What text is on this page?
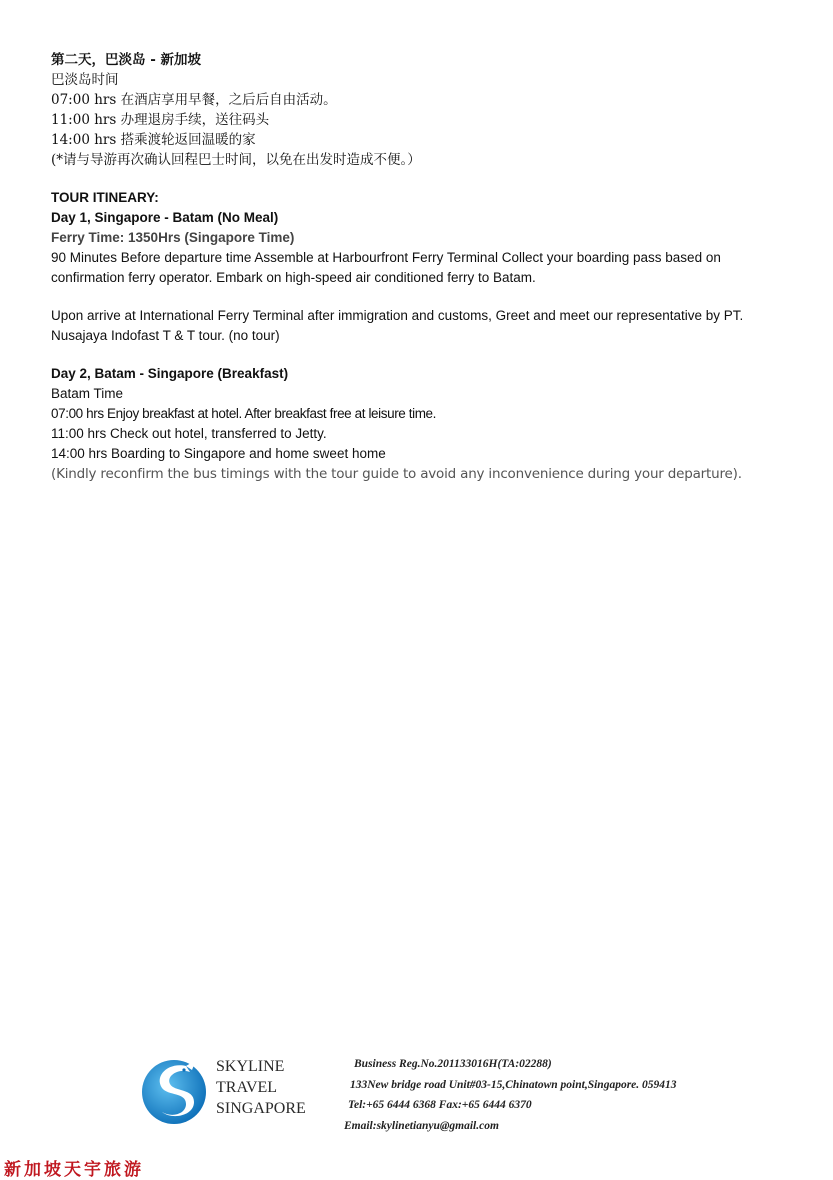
第二天，巴淡岛 - 新加坡
巴淡岛时间
07:00 hrs 在酒店享用早餐，之后后自由活动。
11:00 hrs 办理退房手续，送往码头
14:00 hrs 搭乘渡轮返回温暖的家
(*请与导游再次确认回程巴士时间，以免在出发时造成不便。）
TOUR ITINEARY:
Day 1, Singapore - Batam (No Meal)
Ferry Time: 1350Hrs (Singapore Time)
90 Minutes Before departure time Assemble at Harbourfront Ferry Terminal Collect your boarding pass based on confirmation ferry operator. Embark on high-speed air conditioned ferry to Batam.
Upon arrive at International Ferry Terminal after immigration and customs, Greet and meet our representative by PT. Nusajaya Indofast T & T tour. (no tour)
Day 2, Batam - Singapore (Breakfast)
Batam Time
07:00 hrs Enjoy breakfast at hotel. After breakfast free at leisure time.
11:00 hrs Check out hotel, transferred to Jetty.
14:00 hrs Boarding to Singapore and home sweet home
(Kindly reconfirm the bus timings with the tour guide to avoid any inconvenience during your departure).
SKYLINE
TRAVEL
SINGAPORE
Business Reg.No.201133016H(TA:02288)
133New bridge road Unit#03-15,Chinatown point,Singapore. 059413
Tel:+65 6444 6368 Fax:+65 6444 6370
Email:skylinetianyu@gmail.com
新加坡天宇旅游
